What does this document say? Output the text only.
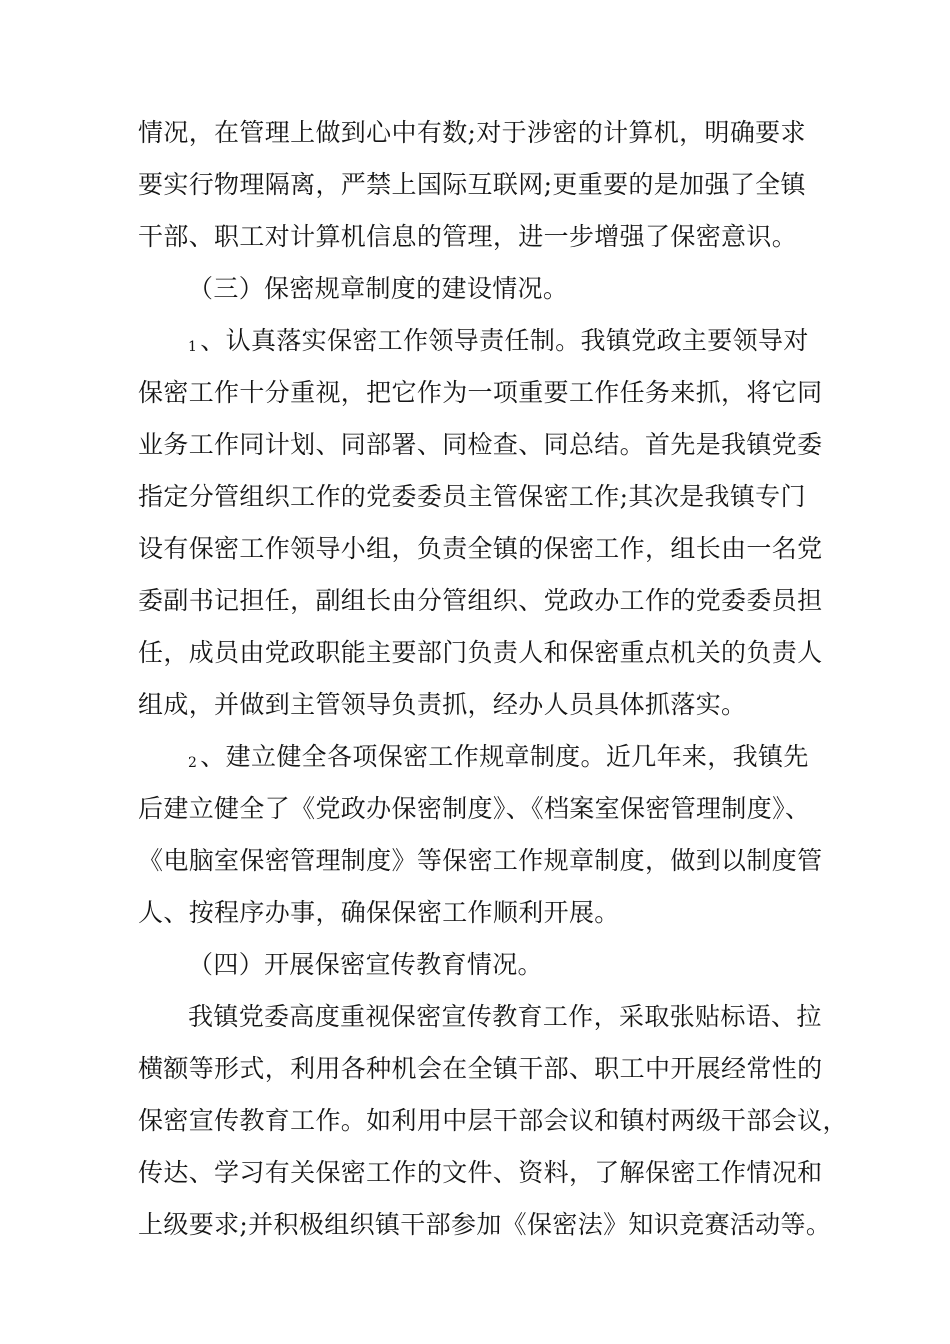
情况，在管理上做到心中有数;对于涉密的计算机，明确要求

要实行物理隔离，严禁上国际互联网;更重要的是加强了全镇

干部、职工对计算机信息的管理，进一步增强了保密意识。

（三）保密规章制度的建设情况。

1 、认真落实保密工作领导责任制。我镇党政主要领导对

保密工作十分重视，把它作为一项重要工作任务来抓，将它同

业务工作同计划、同部署、同检查、同总结。首先是我镇党委

指定分管组织工作的党委委员主管保密工作;其次是我镇专门

设有保密工作领导小组，负责全镇的保密工作，组长由一名党

委副书记担任，副组长由分管组织、党政办工作的党委委员担

任，成员由党政职能主要部门负责人和保密重点机关的负责人

组成，并做到主管领导负责抓，经办人员具体抓落实。

2 、建立健全各项保密工作规章制度。近几年来，我镇先

后建立健全了《党政办保密制度》、《档案室保密管理制度》、

《电脑室保密管理制度》等保密工作规章制度，做到以制度管

人、按程序办事，确保保密工作顺利开展。

（四）开展保密宣传教育情况。

我镇党委高度重视保密宣传教育工作，采取张贴标语、拉

横额等形式，利用各种机会在全镇干部、职工中开展经常性的

保密宣传教育工作。如利用中层干部会议和镇村两级干部会议，

传达、学习有关保密工作的文件、资料，了解保密工作情况和

上级要求;并积极组织镇干部参加《保密法》知识竞赛活动等。
